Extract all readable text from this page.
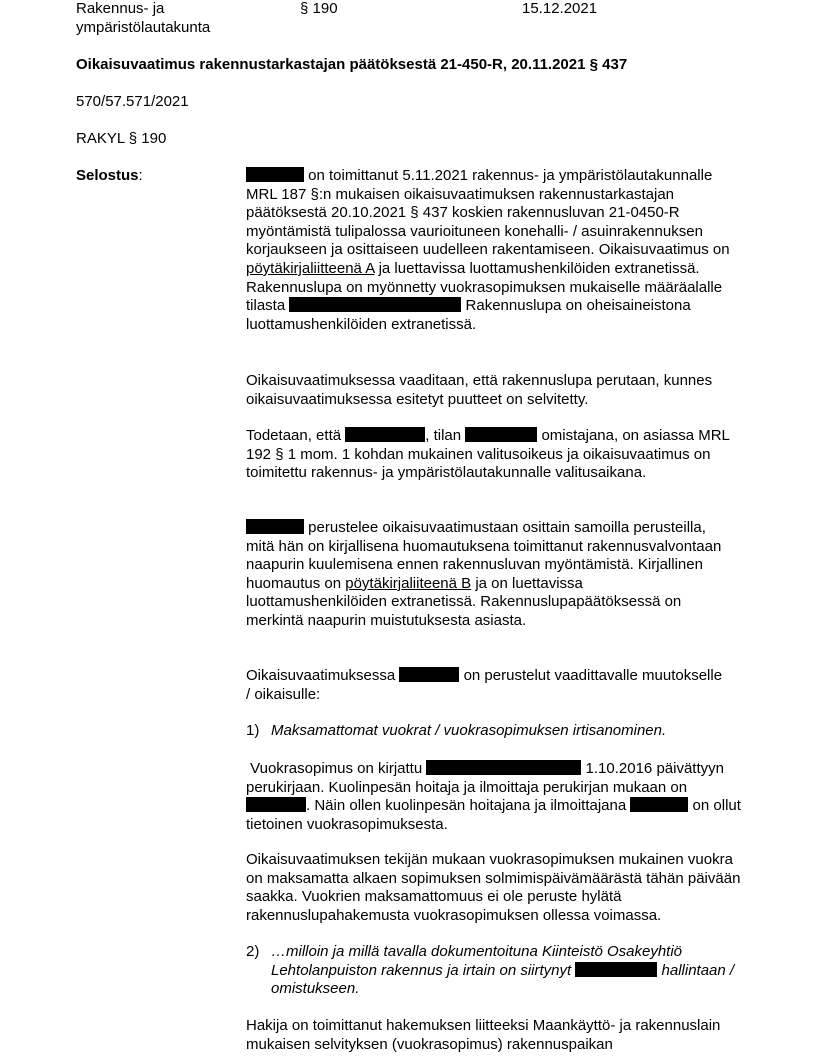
Rakennus- ja
ympäristölautakunta
§ 190	15.12.2021
Oikaisuvaatimus rakennustarkastajan päätöksestä 21-450-R, 20.11.2021 § 437
570/57.571/2021
RAKYL § 190
Selostus:	on toimittanut 5.11.2021 rakennus- ja ympäristölautakunnalle MRL 187 §:n mukaisen oikaisuvaatimuksen rakennustarkastajan päätöksestä 20.10.2021 § 437 koskien rakennusluvan 21-0450-R myöntämistä tulipalossa vaurioituneen konehalli- / asuinrakennuksen korjaukseen ja osittaiseen uudelleen rakentamiseen. Oikaisuvaatimus on pöytäkirjaliitteenä A ja luettavissa luottamushenkilöiden extranetissä. Rakennuslupa on myönnetty vuokrasopimuksen mukaiselle määräalalle tilasta	Rakennuslupa on oheisaineistona luottamushenkilöiden extranetissä.

Oikaisuvaatimuksessa vaaditaan, että rakennuslupa perutaan, kunnes oikaisuvaatimuksessa esitetyt puutteet on selvitetty.

Todetaan, että	, tilan	omistajana, on asiassa MRL 192 § 1 mom. 1 kohdan mukainen valitusoikeus ja oikaisuvaatimus on toimitettu rakennus- ja ympäristölautakunnalle valitusaikana.

perustelee oikaisuvaatimustaan osittain samoilla perusteilla, mitä hän on kirjallisena huomautuksena toimittanut rakennusvalvontaan naapurin kuulemisena ennen rakennusluvan myöntämistä. Kirjallinen huomautus on pöytäkirjaliiteenä B ja on luettavissa luottamushenkilöiden extranetissä. Rakennuslupapäätöksessä on merkintä naapurin muistutuksesta asiasta.

Oikaisuvaatimuksessa	on perustelut vaadittavalle muutokselle / oikaisulle:

1) Maksamattomat vuokrat / vuokrasopimuksen irtisanominen.

Vuokrasopimus on kirjattu	1.10.2016 päivättyyn perukirjaan. Kuolinpesän hoitaja ja ilmoittaja perukirjan mukaan on . Näin ollen kuolinpesän hoitajana ja ilmoittajana	on ollut tietoinen vuokrasopimuksesta.

Oikaisuvaatimuksen tekijän mukaan vuokrasopimuksen mukainen vuokra on maksamatta alkaen sopimuksen solmimispäivämäärästä tähän päivään saakka. Vuokrien maksamattomuus ei ole peruste hylätä rakennuslupahakemusta vuokrasopimuksen ollessa voimassa.

2) …milloin ja millä tavalla dokumentoituna Kiinteistö Osakeyhtiö Lehtolanpuiston rakennus ja irtain on siirtynyt	hallintaan / omistukseen.

Hakija on toimittanut hakemuksen liitteeksi Maankäyttö- ja rakennuslain mukaisen selvityksen (vuokrasopimus) rakennuspaikan
